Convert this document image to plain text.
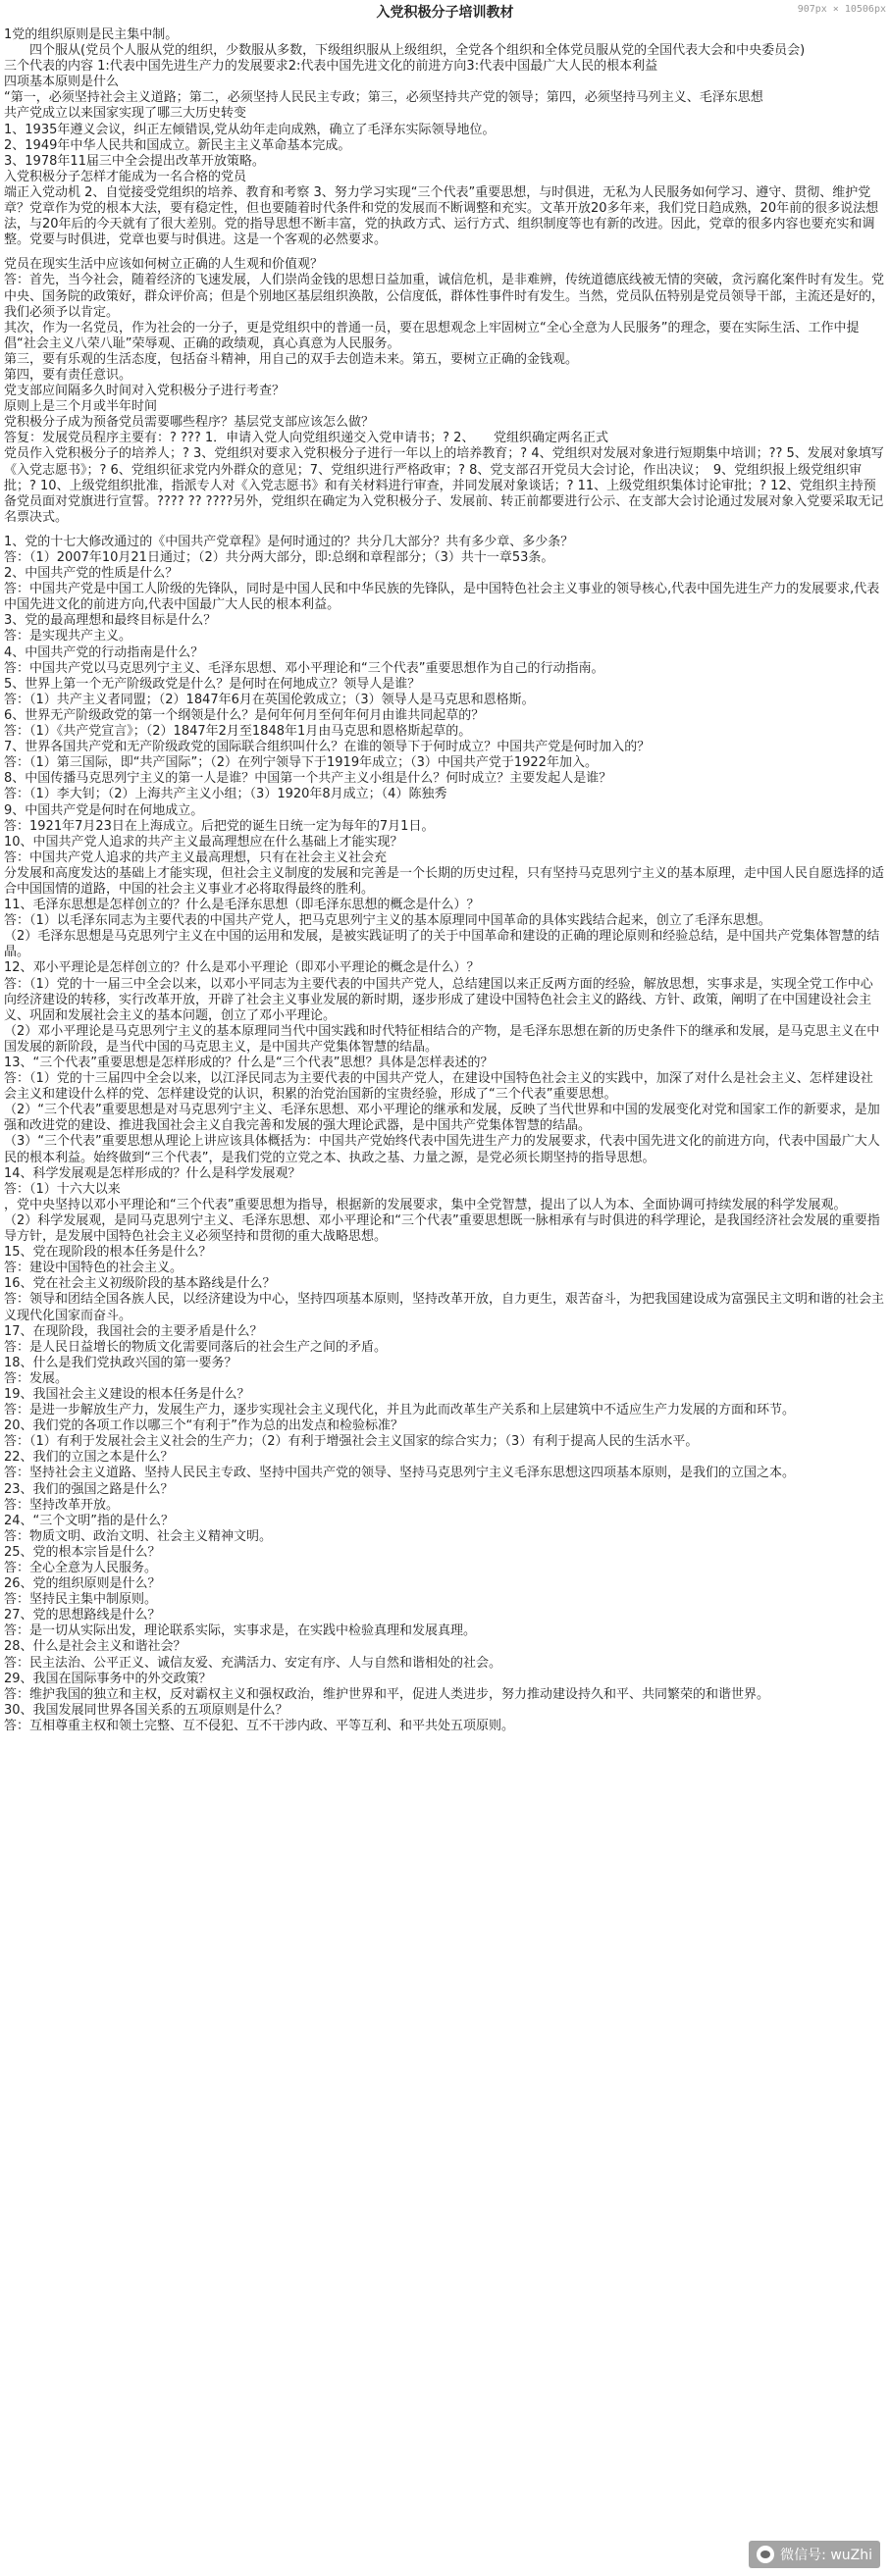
入党积极分子培训教材	907px × 10506px

1党的组织原则是民主集中制。

　　四个服从(党员个人服从党的组织，少数服从多数，下级组织服从上级组织，全党各个组织和全体党员服从党的全国代表大会和中央委员会)

三个代表的内容 1:代表中国先进生产力的发展要求2:代表中国先进文化的前进方向3:代表中国最广大人民的根本利益

四项基本原则是什么

“第一，必须坚持社会主义道路；第二，必须坚持人民民主专政；第三，必须坚持共产党的领导；第四，必须坚持马列主义、毛泽东思想

共产党成立以来国家实现了哪三大历史转变

1、1935年遵义会议，纠正左倾错误,党从幼年走向成熟，确立了毛泽东实际领导地位。

2、1949年中华人民共和国成立。新民主主义革命基本完成。

3、1978年11届三中全会提出改革开放策略。

入党积极分子怎样才能成为一名合格的党员

端正入党动机 2、自觉接受党组织的培养、教育和考察 3、努力学习实现“三个代表”重要思想，与时俱进，无私为人民服务如何学习、遵守、贯彻、维护党章？党章作为党的根本大法，要有稳定性，但也要随着时代条件和党的发展而不断调整和充实。文革开放20多年来，我们党日趋成熟，20年前的很多说法想法，与20年后的今天就有了很大差别。党的指导思想不断丰富，党的执政方式、运行方式、组织制度等也有新的改进。因此，党章的很多内容也要充实和调整。党要与时俱进，党章也要与时俱进。这是一个客观的必然要求。

党员在现实生活中应该如何树立正确的人生观和价值观？

答：首先，当今社会，随着经济的飞速发展，人们崇尚金钱的思想日益加重，诚信危机，是非难辨，传统道德底线被无情的突破，贪污腐化案件时有发生。党中央、国务院的政策好，群众评价高；但是个别地区基层组织涣散，公信度低，群体性事件时有发生。当然，党员队伍特别是党员领导干部，主流还是好的，我们必须予以肯定。

其次，作为一名党员，作为社会的一分子，更是党组织中的普通一员，要在思想观念上牢固树立“全心全意为人民服务”的理念，要在实际生活、工作中提倡“社会主义八荣八耻”荣辱观、正确的政绩观，真心真意为人民服务。

第三，要有乐观的生活态度，包括奋斗精神，用自己的双手去创造未来。第五，要树立正确的金钱观。

第四，要有责任意识。

党支部应间隔多久时间对入党积极分子进行考查？

原则上是三个月或半年时间

党积极分子成为预备党员需要哪些程序？基层党支部应该怎么做？

答复：发展党员程序主要有：? ??? 1．申请入党人向党组织递交入党申请书；? 2、　　党组织确定两名正式

党员作入党积极分子的培养人；? 3、党组织对要求入党积极分子进行一年以上的培养教育；? 4、党组织对发展对象进行短期集中培训；?? 5、发展对象填写《入党志愿书》；? 6、党组织征求党内外群众的意见；7、党组织进行严格政审；? 8、党支部召开党员大会讨论，作出决议；　9、党组织报上级党组织审批；? 10、上级党组织批准，指派专人对《入党志愿书》和有关材料进行审查，并同发展对象谈话；? 11、上级党组织集体讨论审批；? 12、党组织主持预备党员面对党旗进行宣誓。???? ?? ????另外，党组织在确定为入党积极分子、发展前、转正前都要进行公示、在支部大会讨论通过发展对象入党要采取无记名票决式。

1、党的十七大修改通过的《中国共产党章程》是何时通过的？共分几大部分？共有多少章、多少条？

答：（1）2007年10月21日通过；（2）共分两大部分，即:总纲和章程部分；（3）共十一章53条。

2、中国共产党的性质是什么？

答：中国共产党是中国工人阶级的先锋队，同时是中国人民和中华民族的先锋队，是中国特色社会主义事业的领导核心,代表中国先进生产力的发展要求,代表中国先进文化的前进方向,代表中国最广大人民的根本利益。

3、党的最高理想和最终目标是什么？

答：是实现共产主义。

4、中国共产党的行动指南是什么？

答：中国共产党以马克思列宁主义、毛泽东思想、邓小平理论和“三个代表”重要思想作为自己的行动指南。

5、世界上第一个无产阶级政党是什么？是何时在何地成立？领导人是谁？

答：（1）共产主义者同盟；（2）1847年6月在英国伦敦成立；（3）领导人是马克思和恩格斯。

6、世界无产阶级政党的第一个纲领是什么？是何年何月至何年何月由谁共同起草的？

答：（1）《共产党宣言》；（2）1847年2月至1848年1月由马克思和恩格斯起草的。

7、世界各国共产党和无产阶级政党的国际联合组织叫什么？在谁的领导下于何时成立？中国共产党是何时加入的？

答：（1）第三国际，即“共产国际”；（2）在列宁领导下于1919年成立；（3）中国共产党于1922年加入。

8、中国传播马克思列宁主义的第一人是谁？中国第一个共产主义小组是什么？何时成立？主要发起人是谁？

答：（1）李大钊；（2）上海共产主义小组；（3）1920年8月成立；（4）陈独秀

9、中国共产党是何时在何地成立。

答：1921年7月23日在上海成立。后把党的诞生日统一定为每年的7月1日。

10、中国共产党人追求的共产主义最高理想应在什么基础上才能实现？

答：中国共产党人追求的共产主义最高理想，只有在社会主义社会充

分发展和高度发达的基础上才能实现，但社会主义制度的发展和完善是一个长期的历史过程，只有坚持马克思列宁主义的基本原理，走中国人民自愿选择的适合中国国情的道路，中国的社会主义事业才必将取得最终的胜利。

11、毛泽东思想是怎样创立的？什么是毛泽东思想（即毛泽东思想的概念是什么）？

答：（1）以毛泽东同志为主要代表的中国共产党人，把马克思列宁主义的基本原理同中国革命的具体实践结合起来，创立了毛泽东思想。

（2）毛泽东思想是马克思列宁主义在中国的运用和发展，是被实践证明了的关于中国革命和建设的正确的理论原则和经验总结，是中国共产党集体智慧的结晶。

12、邓小平理论是怎样创立的？什么是邓小平理论（即邓小平理论的概念是什么）？

答：（1）党的十一届三中全会以来，以邓小平同志为主要代表的中国共产党人，总结建国以来正反两方面的经验，解放思想，实事求是，实现全党工作中心向经济建设的转移，实行改革开放，开辟了社会主义事业发展的新时期，逐步形成了建设中国特色社会主义的路线、方针、政策，阐明了在中国建设社会主义、巩固和发展社会主义的基本问题，创立了邓小平理论。

（2）邓小平理论是马克思列宁主义的基本原理同当代中国实践和时代特征相结合的产物，是毛泽东思想在新的历史条件下的继承和发展，是马克思主义在中国发展的新阶段，是当代中国的马克思主义，是中国共产党集体智慧的结晶。

13、“三个代表”重要思想是怎样形成的？什么是“三个代表”思想？具体是怎样表述的？

答：（1）党的十三届四中全会以来，以江泽民同志为主要代表的中国共产党人，在建设中国特色社会主义的实践中，加深了对什么是社会主义、怎样建设社会主义和建设什么样的党、怎样建设党的认识，积累的治党治国新的宝贵经验，形成了“三个代表”重要思想。

（2）“三个代表”重要思想是对马克思列宁主义、毛泽东思想、邓小平理论的继承和发展，反映了当代世界和中国的发展变化对党和国家工作的新要求，是加强和改进党的建设、推进我国社会主义自我完善和发展的强大理论武器，是中国共产党集体智慧的结晶。

（3）“三个代表”重要思想从理论上讲应该具体概括为：中国共产党始终代表中国先进生产力的发展要求，代表中国先进文化的前进方向，代表中国最广大人民的根本利益。始终做到“三个代表”，是我们党的立党之本、执政之基、力量之源，是党必须长期坚持的指导思想。

14、科学发展观是怎样形成的？什么是科学发展观？

答：（1）十六大以来

，党中央坚持以邓小平理论和“三个代表”重要思想为指导，根据新的发展要求，集中全党智慧，提出了以人为本、全面协调可持续发展的科学发展观。

（2）科学发展观，是同马克思列宁主义、毛泽东思想、邓小平理论和“三个代表”重要思想既一脉相承有与时俱进的科学理论，是我国经济社会发展的重要指导方针，是发展中国特色社会主义必须坚持和贯彻的重大战略思想。

15、党在现阶段的根本任务是什么？

答：建设中国特色的社会主义。

16、党在社会主义初级阶段的基本路线是什么？

答：领导和团结全国各族人民，以经济建设为中心，坚持四项基本原则，坚持改革开放，自力更生，艰苦奋斗，为把我国建设成为富强民主文明和谐的社会主义现代化国家而奋斗。

17、在现阶段，我国社会的主要矛盾是什么？

答：是人民日益增长的物质文化需要同落后的社会生产之间的矛盾。

18、什么是我们党执政兴国的第一要务？

答：发展。

19、我国社会主义建设的根本任务是什么？

答：是进一步解放生产力，发展生产力，逐步实现社会主义现代化，并且为此而改革生产关系和上层建筑中不适应生产力发展的方面和环节。

20、我们党的各项工作以哪三个“有利于”作为总的出发点和检验标准？

答：（1）有利于发展社会主义社会的生产力；（2）有利于增强社会主义国家的综合实力；（3）有利于提高人民的生活水平。

22、我们的立国之本是什么？

答：坚持社会主义道路、坚持人民民主专政、坚持中国共产党的领导、坚持马克思列宁主义毛泽东思想这四项基本原则，是我们的立国之本。

23、我们的强国之路是什么？

答：坚持改革开放。

24、“三个文明”指的是什么？

答：物质文明、政治文明、社会主义精神文明。

25、党的根本宗旨是什么？

答：全心全意为人民服务。

26、党的组织原则是什么？

答：坚持民主集中制原则。

27、党的思想路线是什么？

答：是一切从实际出发，理论联系实际，实事求是，在实践中检验真理和发展真理。

28、什么是社会主义和谐社会？

答：民主法治、公平正义、诚信友爱、充满活力、安定有序、人与自然和谐相处的社会。

29、我国在国际事务中的外交政策？

答：维护我国的独立和主权，反对霸权主义和强权政治，维护世界和平，促进人类进步，努力推动建设持久和平、共同繁荣的和谐世界。

30、我国发展同世界各国关系的五项原则是什么？

答：互相尊重主权和领土完整、互不侵犯、互不干涉内政、平等互利、和平共处五项原则。

微信号: wuZhi
